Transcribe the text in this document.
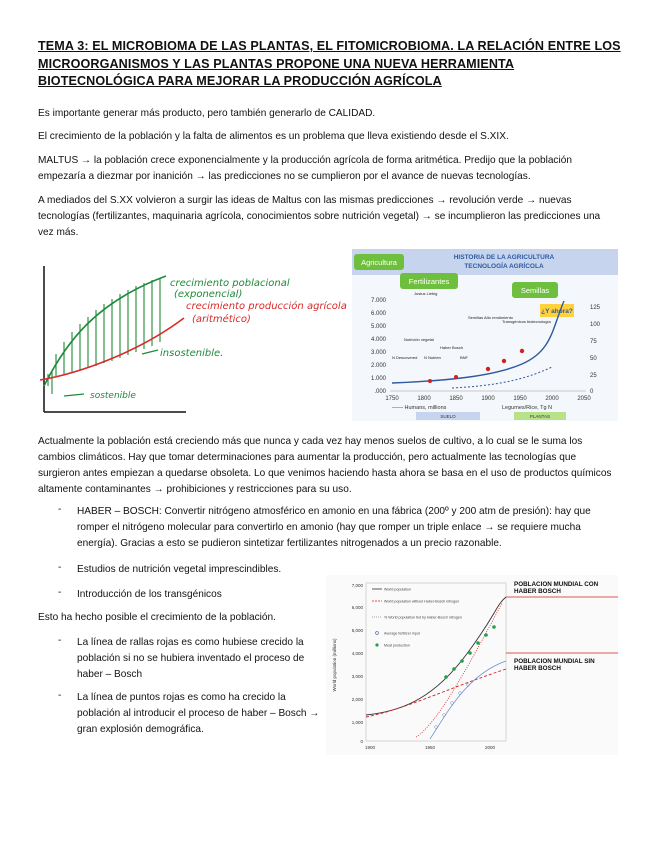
TEMA 3: EL MICROBIOMA DE LAS PLANTAS, EL FITOMICROBIOMA. LA RELACIÓN ENTRE LOS MICROORGANISMOS Y LAS PLANTAS PROPONE UNA NUEVA HERRAMIENTA BIOTECNOLÓGICA PARA MEJORAR LA PRODUCCIÓN AGRÍCOLA
Es importante generar más producto, pero también generarlo de CALIDAD.
El crecimiento de la población y la falta de alimentos es un problema que lleva existiendo desde el S.XIX.
MALTUS → la población crece exponencialmente y la producción agrícola de forma aritmética. Predijo que la población empezaría a diezmar por inanición → las predicciones no se cumplieron por el avance de nuevas tecnologías.
A mediados del S.XX volvieron a surgir las ideas de Maltus con las mismas predicciones → revolución verde → nuevas tecnologías (fertilizantes, maquinaria agrícola, conocimientos sobre nutrición vegetal) → se incumplieron las predicciones una vez más.
crecimiento poblacional
(exponencial)
crecimiento producción agrícola
(aritmético)
insostenible.
sostenible
HISTORIA DE LA AGRICULTURA
TECNOLOGÍA AGRÍCOLA
Agricultura
Fertilizantes
Semillas
¿Y ahora?
7.000
6.000
5.000
4.000
3.000
2.000
1.000
.000
125
100
75
50
25
0
1750	1800	1850	1900	1950	2000	2050
Justus Liebig
Nutrición vegetal
Haber Bosch
Transgénicos biotecnología
N Descovered N Nutrien	BNF
Semillas Alto rendimiento
—— Humans, millions	Legumes/Rice, Tg N
SUELO	PLANTAS
Actualmente la población está creciendo más que nunca y cada vez hay menos suelos de cultivo, a lo cual se le suma los cambios climáticos. Hay que tomar determinaciones para aumentar la producción, pero actualmente las tecnologías que surgieron antes empiezan a quedarse obsoleta. Lo que venimos haciendo hasta ahora se basa en el uso de productos químicos altamente contaminantes → prohibiciones y restricciones para su uso.
- HABER – BOSCH: Convertir nitrógeno atmosférico en amonio en una fábrica (200º y 200 atm de presión): hay que romper el nitrógeno molecular para convertirlo en amonio (hay que romper un triple enlace → se requiere mucha energía). Gracias a esto se pudieron sintetizar fertilizantes nitrogenados a un precio razonable.
- Estudios de nutrición vegetal imprescindibles.
- Introducción de los transgénicos
Esto ha hecho posible el crecimiento de la población.
- La línea de rallas rojas es como hubiese crecido la población si no se hubiera inventado el proceso de haber – Bosch
- La línea de puntos rojas es como ha crecido la población al introducir el proceso de haber – Bosch → gran explosión demográfica.
World population (millions)
7,000
6,000
5,000
4,000
3,000
2,000
1,000
0
1900	1950	2000
World population
World population without Haber-Bosch nitrogen
% World population fed by Haber-Bosch nitrogen
Average fertilizer input
Meat production
POBLACION MUNDIAL CON
HABER BOSCH
POBLACION MUNDIAL SIN
HABER BOSCH
